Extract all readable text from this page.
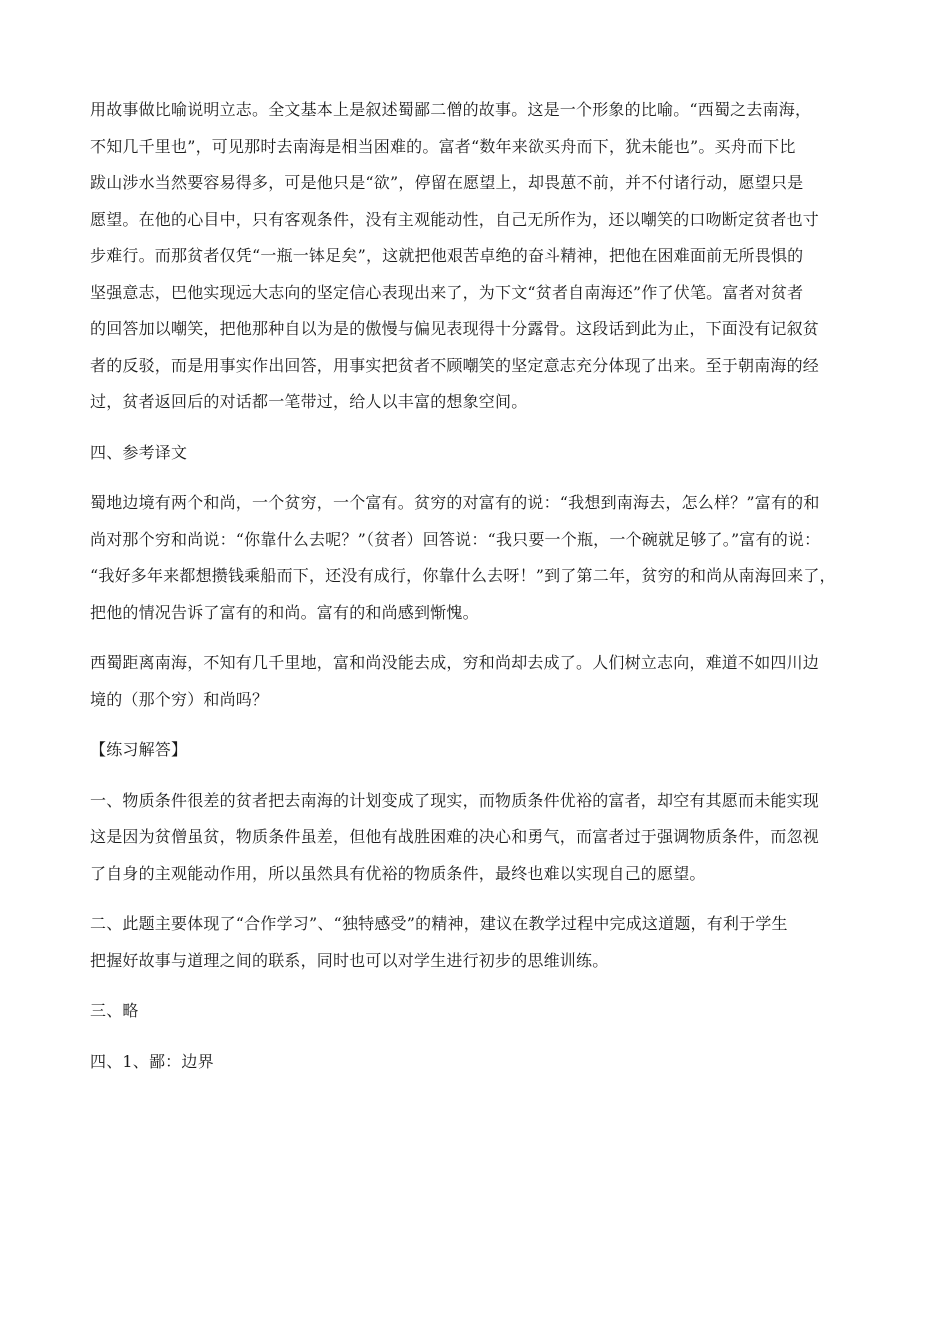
用故事做比喻说明立志。全文基本上是叙述蜀鄙二僧的故事。这是一个形象的比喻。“西蜀之去南海，
不知几千里也”，可见那时去南海是相当困难的。富者“数年来欲买舟而下，犹未能也”。买舟而下比
跋山涉水当然要容易得多，可是他只是“欲”，停留在愿望上，却畏葸不前，并不付诸行动，愿望只是
愿望。在他的心目中，只有客观条件，没有主观能动性，自己无所作为，还以嘲笑的口吻断定贫者也寸
步难行。而那贫者仅凭“一瓶一钵足矣”，这就把他艰苦卓绝的奋斗精神，把他在困难面前无所畏惧的
坚强意志，巴他实现远大志向的坚定信心表现出来了，为下文“贫者自南海还”作了伏笔。富者对贫者
的回答加以嘲笑，把他那种自以为是的傲慢与偏见表现得十分露骨。这段话到此为止，下面没有记叙贫
者的反驳，而是用事实作出回答，用事实把贫者不顾嘲笑的坚定意志充分体现了出来。至于朝南海的经
过，贫者返回后的对话都一笔带过，给人以丰富的想象空间。

四、参考译文

蜀地边境有两个和尚，一个贫穷，一个富有。贫穷的对富有的说：“我想到南海去，怎么样？”富有的和
尚对那个穷和尚说：“你靠什么去呢？”（贫者）回答说：“我只要一个瓶，一个碗就足够了。”富有的说：
“我好多年来都想攒钱乘船而下，还没有成行，你靠什么去呀！”到了第二年，贫穷的和尚从南海回来了，
把他的情况告诉了富有的和尚。富有的和尚感到惭愧。

西蜀距离南海，不知有几千里地，富和尚没能去成，穷和尚却去成了。人们树立志向，难道不如四川边
境的（那个穷）和尚吗？

【练习解答】

一、物质条件很差的贫者把去南海的计划变成了现实，而物质条件优裕的富者，却空有其愿而未能实现
这是因为贫僧虽贫，物质条件虽差，但他有战胜困难的决心和勇气，而富者过于强调物质条件，而忽视
了自身的主观能动作用，所以虽然具有优裕的物质条件，最终也难以实现自己的愿望。

二、此题主要体现了“合作学习”、“独特感受”的精神，建议在教学过程中完成这道题，有利于学生
把握好故事与道理之间的联系，同时也可以对学生进行初步的思维训练。

三、略

四、1、鄙：边界
